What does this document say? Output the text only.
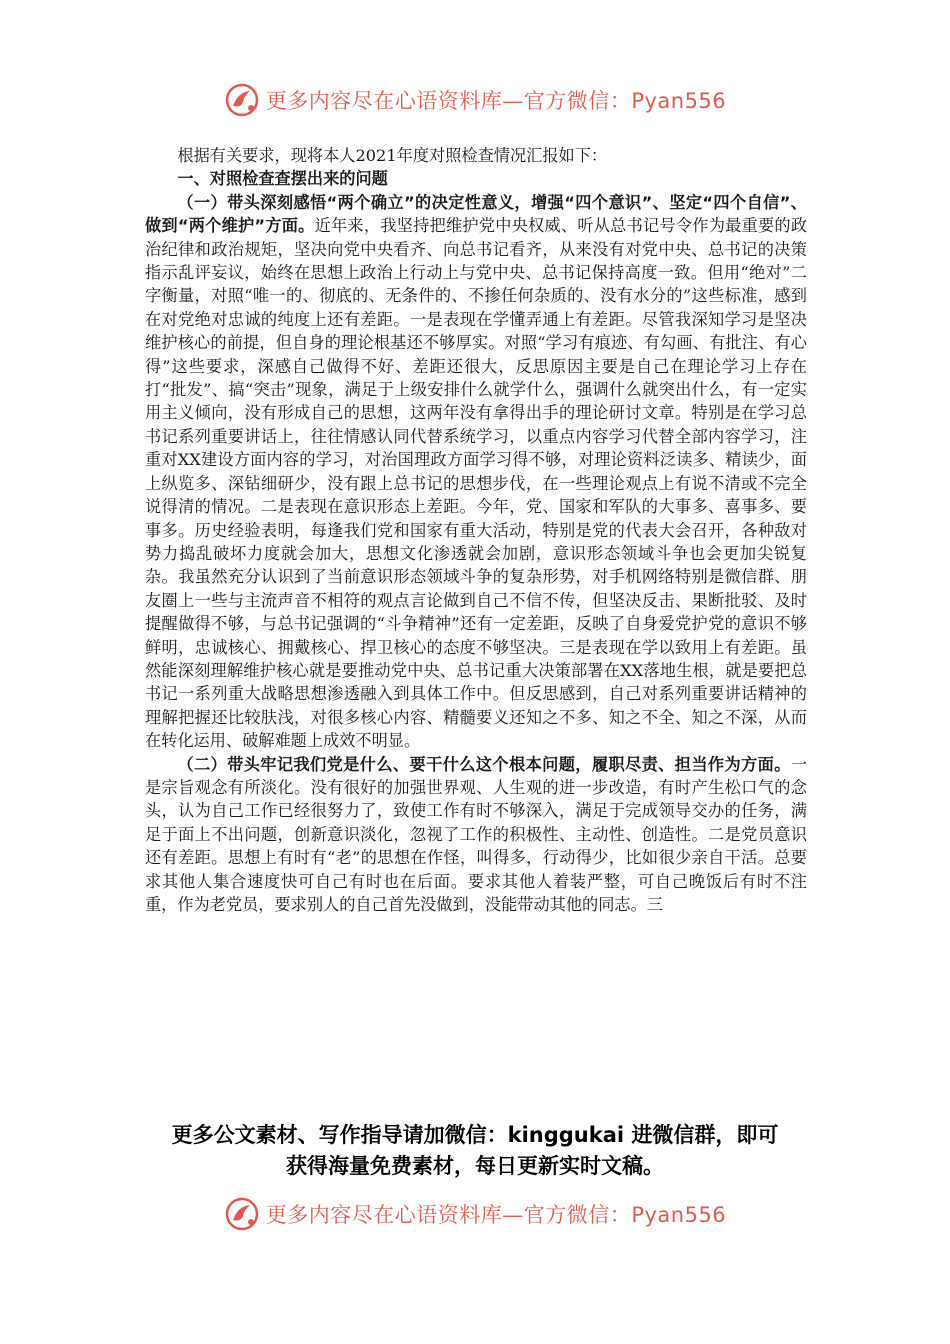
更多内容尽在心语资料库—官方微信：Pyan556

根据有关要求，现将本人2021年度对照检查情况汇报如下：

一、对照检查查摆出来的问题

（一）带头深刻感悟“两个确立”的决定性意义，增强“四个意识”、坚定“四个自信”、做到“两个维护”方面。近年来，我坚持把维护党中央权威、听从总书记号令作为最重要的政治纪律和政治规矩，坚决向党中央看齐、向总书记看齐，从来没有对党中央、总书记的决策指示乱评妄议，始终在思想上政治上行动上与党中央、总书记保持高度一致。但用“绝对”二字衡量，对照“唯一的、彻底的、无条件的、不掺任何杂质的、没有水分的”这些标准，感到在对党绝对忠诚的纯度上还有差距。一是表现在学懂弄通上有差距。尽管我深知学习是坚决维护核心的前提，但自身的理论根基还不够厚实。对照“学习有痕迹、有勾画、有批注、有心得”这些要求，深感自己做得不好、差距还很大，反思原因主要是自己在理论学习上存在打“批发”、搞“突击”现象，满足于上级安排什么就学什么，强调什么就突出什么，有一定实用主义倾向，没有形成自己的思想，这两年没有拿得出手的理论研讨文章。特别是在学习总书记系列重要讲话上，往往情感认同代替系统学习，以重点内容学习代替全部内容学习，注重对XX建设方面内容的学习，对治国理政方面学习得不够，对理论资料泛读多、精读少，面上纵览多、深钻细研少，没有跟上总书记的思想步伐，在一些理论观点上有说不清或不完全说得清的情况。二是表现在意识形态上差距。今年，党、国家和军队的大事多、喜事多、要事多。历史经验表明，每逢我们党和国家有重大活动，特别是党的代表大会召开，各种敌对势力捣乱破坏力度就会加大，思想文化渗透就会加剧，意识形态领域斗争也会更加尖锐复杂。我虽然充分认识到了当前意识形态领域斗争的复杂形势，对手机网络特别是微信群、朋友圈上一些与主流声音不相符的观点言论做到自己不信不传，但坚决反击、果断批驳、及时提醒做得不够，与总书记强调的“斗争精神”还有一定差距，反映了自身爱党护党的意识不够鲜明，忠诚核心、拥戴核心、捍卫核心的态度不够坚决。三是表现在学以致用上有差距。虽然能深刻理解维护核心就是要推动党中央、总书记重大决策部署在XX落地生根，就是要把总书记一系列重大战略思想渗透融入到具体工作中。但反思感到，自己对系列重要讲话精神的理解把握还比较肤浅，对很多核心内容、精髓要义还知之不多、知之不全、知之不深，从而在转化运用、破解难题上成效不明显。

（二）带头牢记我们党是什么、要干什么这个根本问题，履职尽责、担当作为方面。一是宗旨观念有所淡化。没有很好的加强世界观、人生观的进一步改造，有时产生松口气的念头，认为自己工作已经很努力了，致使工作有时不够深入，满足于完成领导交办的任务，满足于面上不出问题，创新意识淡化，忽视了工作的积极性、主动性、创造性。二是党员意识还有差距。思想上有时有“老”的思想在作怪，叫得多，行动得少，比如很少亲自干活。总要求其他人集合速度快可自己有时也在后面。要求其他人着装严整，可自己晚饭后有时不注重，作为老党员，要求别人的自己首先没做到，没能带动其他的同志。三

更多公文素材、写作指导请加微信：kinggukai 进微信群，即可
获得海量免费素材，每日更新实时文稿。
更多内容尽在心语资料库—官方微信：Pyan556
